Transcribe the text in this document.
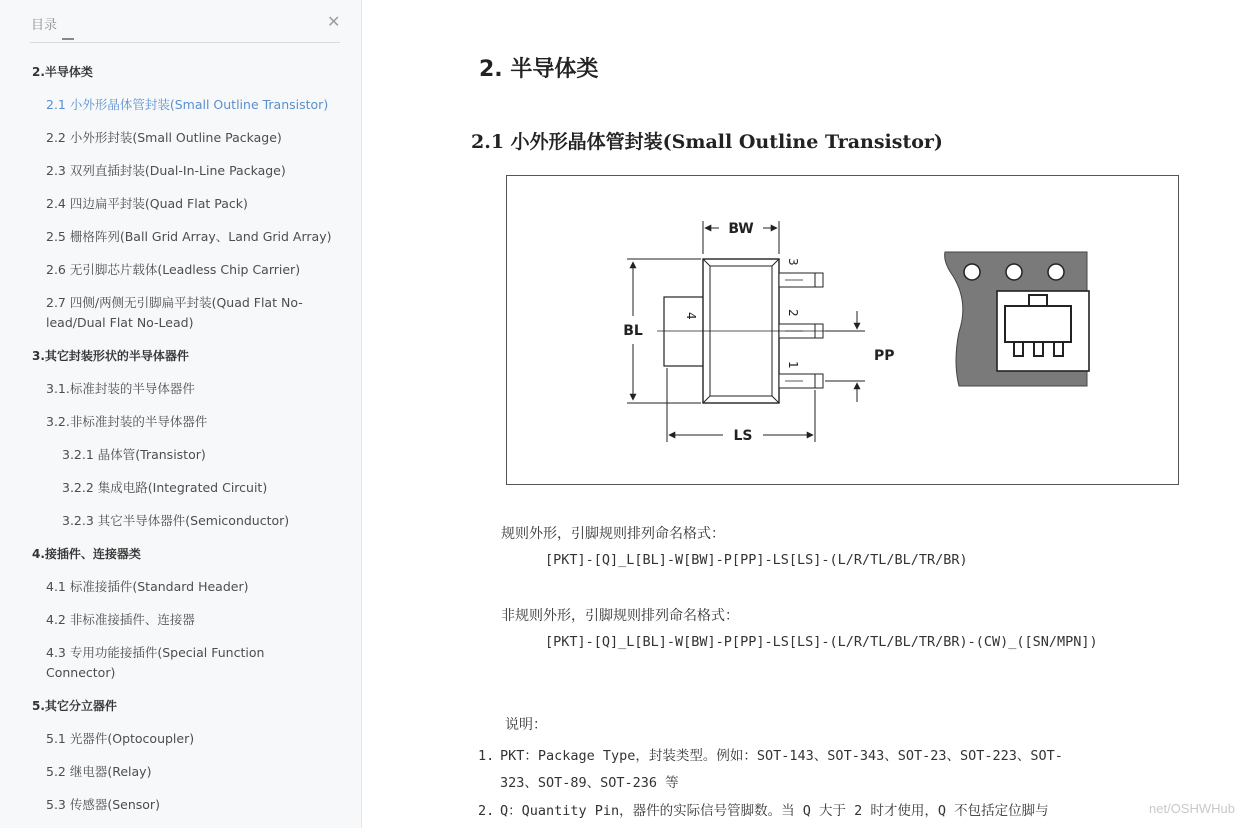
目录	✕
2.半导体类
2.1 小外形晶体管封装(Small Outline Transistor)
2.2 小外形封装(Small Outline Package)
2.3 双列直插封装(Dual-In-Line Package)
2.4 四边扁平封装(Quad Flat Pack)
2.5 栅格阵列(Ball Grid Array、Land Grid Array)
2.6 无引脚芯片载体(Leadless Chip Carrier)
2.7 四侧/两侧无引脚扁平封装(Quad Flat No-lead/Dual Flat No-Lead)
3.其它封装形状的半导体器件
3.1.标准封装的半导体器件
3.2.非标准封装的半导体器件
3.2.1 晶体管(Transistor)
3.2.2 集成电路(Integrated Circuit)
3.2.3 其它半导体器件(Semiconductor)
4.接插件、连接器类
4.1 标准接插件(Standard Header)
4.2 非标准接插件、连接器
4.3 专用功能接插件(Special Function Connector)
5.其它分立器件
5.1 光器件(Optocoupler)
5.2 继电器(Relay)
5.3 传感器(Sensor)
2. 半导体类
2.1 小外形晶体管封装(Small Outline Transistor)
3
2
1
4
BW
BL
LS
PP
规则外形，引脚规则排列命名格式：
[PKT]-[Q]_L[BL]-W[BW]-P[PP]-LS[LS]-(L/R/TL/BL/TR/BR)
非规则外形，引脚规则排列命名格式：
[PKT]-[Q]_L[BL]-W[BW]-P[PP]-LS[LS]-(L/R/TL/BL/TR/BR)-(CW)_([SN/MPN])
说明：
1. PKT：Package Type，封装类型。例如：SOT-143、SOT-343、SOT-23、SOT-223、SOT-
323、SOT-89、SOT-236 等
2. Q：Quantity Pin，器件的实际信号管脚数。当 Q 大于 2 时才使用，Q 不包括定位脚与	net/OSHWHub
